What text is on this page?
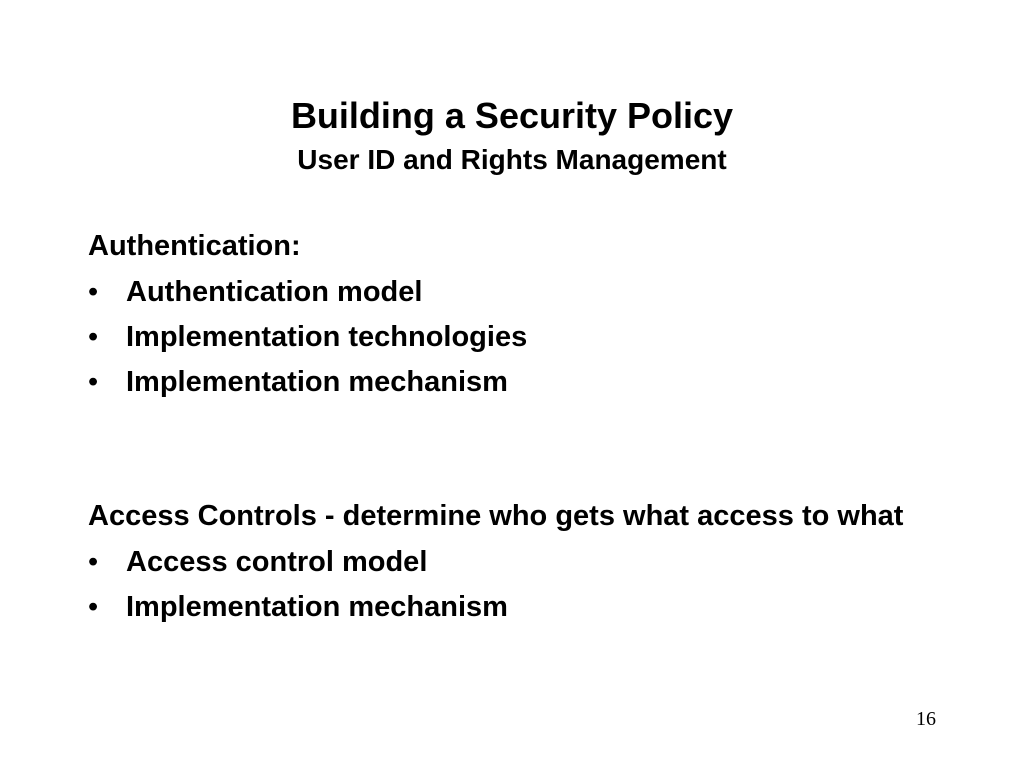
Building a Security Policy
User ID and Rights Management
Authentication:
• Authentication model
• Implementation technologies
• Implementation mechanism
Access Controls - determine who gets what access to what
• Access control model
• Implementation mechanism
16
